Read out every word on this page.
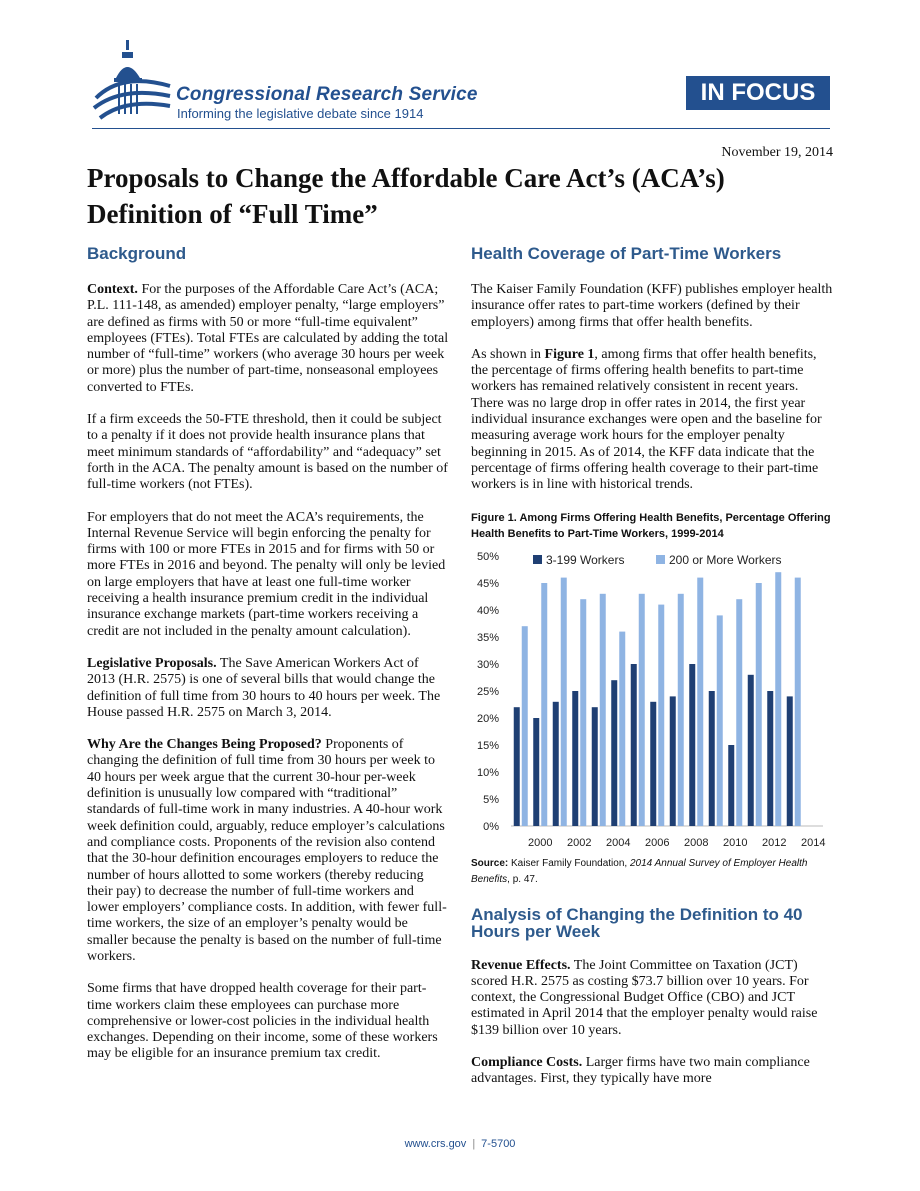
Congressional Research Service
Informing the legislative debate since 1914
IN FOCUS
November 19, 2014
Proposals to Change the Affordable Care Act’s (ACA’s) Definition of “Full Time”
Background

Context. For the purposes of the Affordable Care Act’s (ACA; P.L. 111-148, as amended) employer penalty, “large employers” are defined as firms with 50 or more “full-time equivalent” employees (FTEs). Total FTEs are calculated by adding the total number of “full-time” workers (who average 30 hours per week or more) plus the number of part-time, nonseasonal employees converted to FTEs.

If a firm exceeds the 50-FTE threshold, then it could be subject to a penalty if it does not provide health insurance plans that meet minimum standards of “affordability” and “adequacy” set forth in the ACA. The penalty amount is based on the number of full-time workers (not FTEs).

For employers that do not meet the ACA’s requirements, the Internal Revenue Service will begin enforcing the penalty for firms with 100 or more FTEs in 2015 and for firms with 50 or more FTEs in 2016 and beyond. The penalty will only be levied on large employers that have at least one full-time worker receiving a health insurance premium credit in the individual insurance exchange markets (part-time workers receiving a credit are not included in the penalty amount calculation).

Legislative Proposals. The Save American Workers Act of 2013 (H.R. 2575) is one of several bills that would change the definition of full time from 30 hours to 40 hours per week. The House passed H.R. 2575 on March 3, 2014.

Why Are the Changes Being Proposed? Proponents of changing the definition of full time from 30 hours per week to 40 hours per week argue that the current 30-hour per-week definition is unusually low compared with “traditional” standards of full-time work in many industries. A 40-hour work week definition could, arguably, reduce employer’s calculations and compliance costs. Proponents of the revision also contend that the 30-hour definition encourages employers to reduce the number of hours allotted to some workers (thereby reducing their pay) to decrease the number of full-time workers and lower employers’ compliance costs. In addition, with fewer full-time workers, the size of an employer’s penalty would be smaller because the penalty is based on the number of full-time workers.

Some firms that have dropped health coverage for their part-time workers claim these employees can purchase more comprehensive or lower-cost policies in the individual health exchanges. Depending on their income, some of these workers may be eligible for an insurance premium tax credit.

Health Coverage of Part-Time Workers

The Kaiser Family Foundation (KFF) publishes employer health insurance offer rates to part-time workers (defined by their employers) among firms that offer health benefits.

As shown in Figure 1, among firms that offer health benefits, the percentage of firms offering health benefits to part-time workers has remained relatively consistent in recent years. There was no large drop in offer rates in 2014, the first year individual insurance exchanges were open and the baseline for measuring average work hours for the employer penalty beginning in 2015. As of 2014, the KFF data indicate that the percentage of firms offering health coverage to their part-time workers is in line with historical trends.

Figure 1. Among Firms Offering Health Benefits, Percentage Offering Health Benefits to Part-Time Workers, 1999-2014
0%
5%
10%
15%
20%
25%
30%
35%
40%
45%
50%
2000 2002 2004 2006 2008 2010 2012 2014
3-199 Workers	200 or More Workers

Source: Kaiser Family Foundation, 2014 Annual Survey of Employer Health Benefits, p. 47.

Analysis of Changing the Definition to 40 Hours per Week

Revenue Effects. The Joint Committee on Taxation (JCT) scored H.R. 2575 as costing $73.7 billion over 10 years. For context, the Congressional Budget Office (CBO) and JCT estimated in April 2014 that the employer penalty would raise $139 billion over 10 years.

Compliance Costs. Larger firms have two main compliance advantages. First, they typically have more

www.crs.gov | 7-5700
